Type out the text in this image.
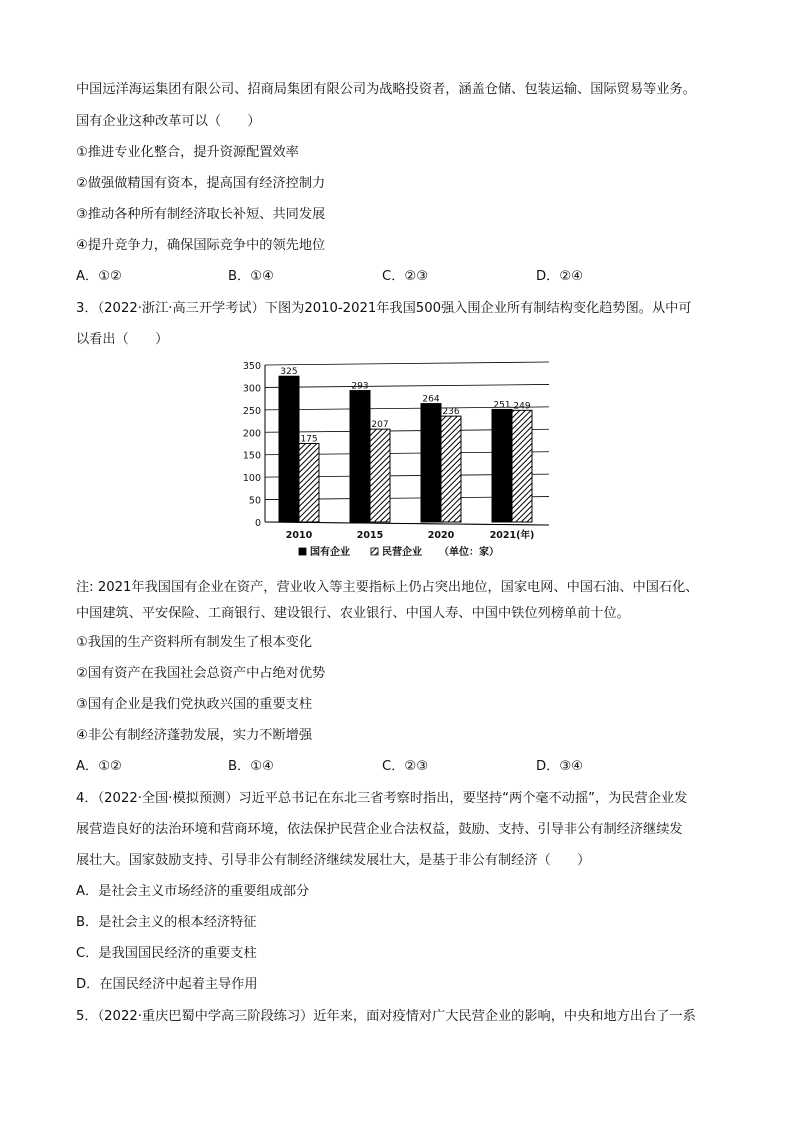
中国远洋海运集团有限公司、招商局集团有限公司为战略投资者，涵盖仓储、包装运输、国际贸易等业务。
国有企业这种改革可以（　　）
①推进专业化整合，提升资源配置效率
②做强做精国有资本，提高国有经济控制力
③推动各种所有制经济取长补短、共同发展
④提升竞争力，确保国际竞争中的领先地位
A．①②	B．①④	C．②③	D．②④
3．（2022·浙江·高三开学考试）下图为2010-2021年我国500强入围企业所有制结构变化趋势图。从中可
以看出（　　）
0
50
100
150
200
250
300
350
2010	2015	2020	2021(年)
325
175
293
207
264
236
251 249
国有企业	民营企业 （单位：家）
注: 2021年我国国有企业在资产，营业收入等主要指标上仍占突出地位，国家电网、中国石油、中国石化、
中国建筑、平安保险、工商银行、建设银行、农业银行、中国人寿、中国中铁位列榜单前十位。
①我国的生产资料所有制发生了根本变化
②国有资产在我国社会总资产中占绝对优势
③国有企业是我们党执政兴国的重要支柱
④非公有制经济蓬勃发展，实力不断增强
A．①②	B．①④	C．②③	D．③④
4．（2022·全国·模拟预测）习近平总书记在东北三省考察时指出，要坚持“两个毫不动摇”，为民营企业发
展营造良好的法治环境和营商环境，依法保护民营企业合法权益，鼓励、支持、引导非公有制经济继续发
展壮大。国家鼓励支持、引导非公有制经济继续发展壮大，是基于非公有制经济（　　）
A．是社会主义市场经济的重要组成部分
B．是社会主义的根本经济特征
C．是我国国民经济的重要支柱
D．在国民经济中起着主导作用
5．（2022·重庆巴蜀中学高三阶段练习）近年来，面对疫情对广大民营企业的影响，中央和地方出台了一系
